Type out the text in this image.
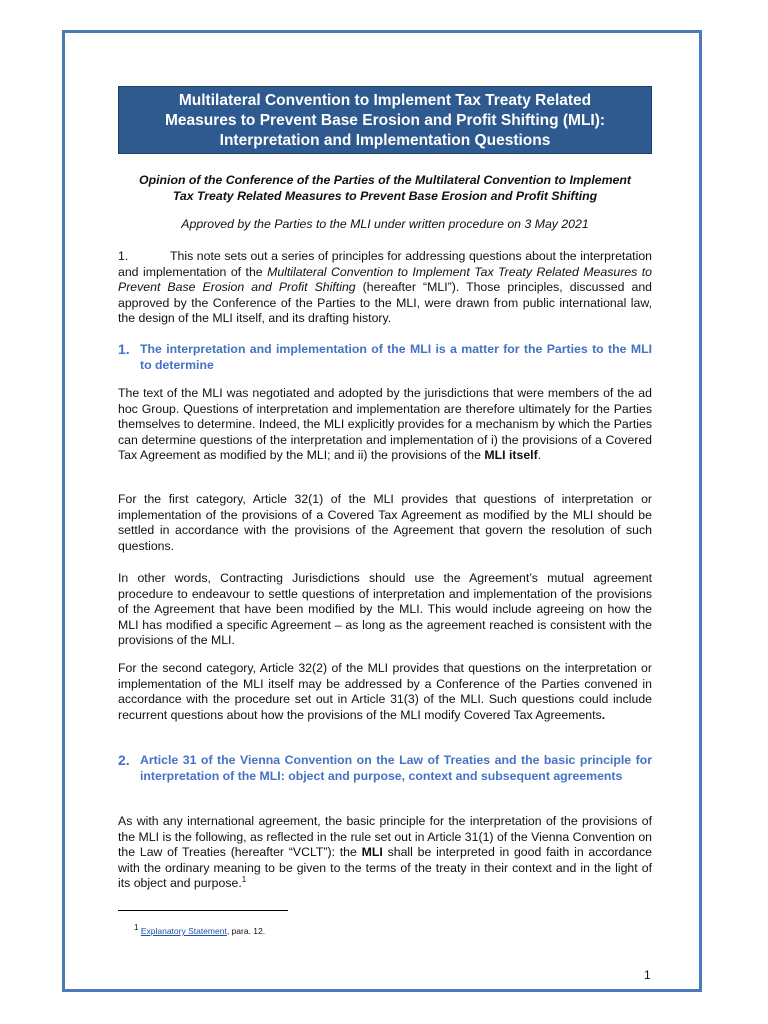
Multilateral Convention to Implement Tax Treaty Related
Measures to Prevent Base Erosion and Profit Shifting (MLI):
Interpretation and Implementation Questions
Opinion of the Conference of the Parties of the Multilateral Convention to Implement
Tax Treaty Related Measures to Prevent Base Erosion and Profit Shifting
Approved by the Parties to the MLI under written procedure on 3 May 2021
1.	This note sets out a series of principles for addressing questions about the interpretation and implementation of the Multilateral Convention to Implement Tax Treaty Related Measures to Prevent Base Erosion and Profit Shifting (hereafter “MLI”). Those principles, discussed and approved by the Conference of the Parties to the MLI, were drawn from public international law, the design of the MLI itself, and its drafting history.
1. The interpretation and implementation of the MLI is a matter for the Parties to the MLI to determine
The text of the MLI was negotiated and adopted by the jurisdictions that were members of the ad hoc Group. Questions of interpretation and implementation are therefore ultimately for the Parties themselves to determine. Indeed, the MLI explicitly provides for a mechanism by which the Parties can determine questions of the interpretation and implementation of i) the provisions of a Covered Tax Agreement as modified by the MLI; and ii) the provisions of the MLI itself.
For the first category, Article 32(1) of the MLI provides that questions of interpretation or implementation of the provisions of a Covered Tax Agreement as modified by the MLI should be settled in accordance with the provisions of the Agreement that govern the resolution of such questions.
In other words, Contracting Jurisdictions should use the Agreement’s mutual agreement procedure to endeavour to settle questions of interpretation and implementation of the provisions of the Agreement that have been modified by the MLI. This would include agreeing on how the MLI has modified a specific Agreement – as long as the agreement reached is consistent with the provisions of the MLI.
For the second category, Article 32(2) of the MLI provides that questions on the interpretation or implementation of the MLI itself may be addressed by a Conference of the Parties convened in accordance with the procedure set out in Article 31(3) of the MLI. Such questions could include recurrent questions about how the provisions of the MLI modify Covered Tax Agreements.
2. Article 31 of the Vienna Convention on the Law of Treaties and the basic principle for interpretation of the MLI: object and purpose, context and subsequent agreements
As with any international agreement, the basic principle for the interpretation of the provisions of the MLI is the following, as reflected in the rule set out in Article 31(1) of the Vienna Convention on the Law of Treaties (hereafter “VCLT”): the MLI shall be interpreted in good faith in accordance with the ordinary meaning to be given to the terms of the treaty in their context and in the light of its object and purpose.$^1$
$^1$ Explanatory Statement, para. 12.
1
